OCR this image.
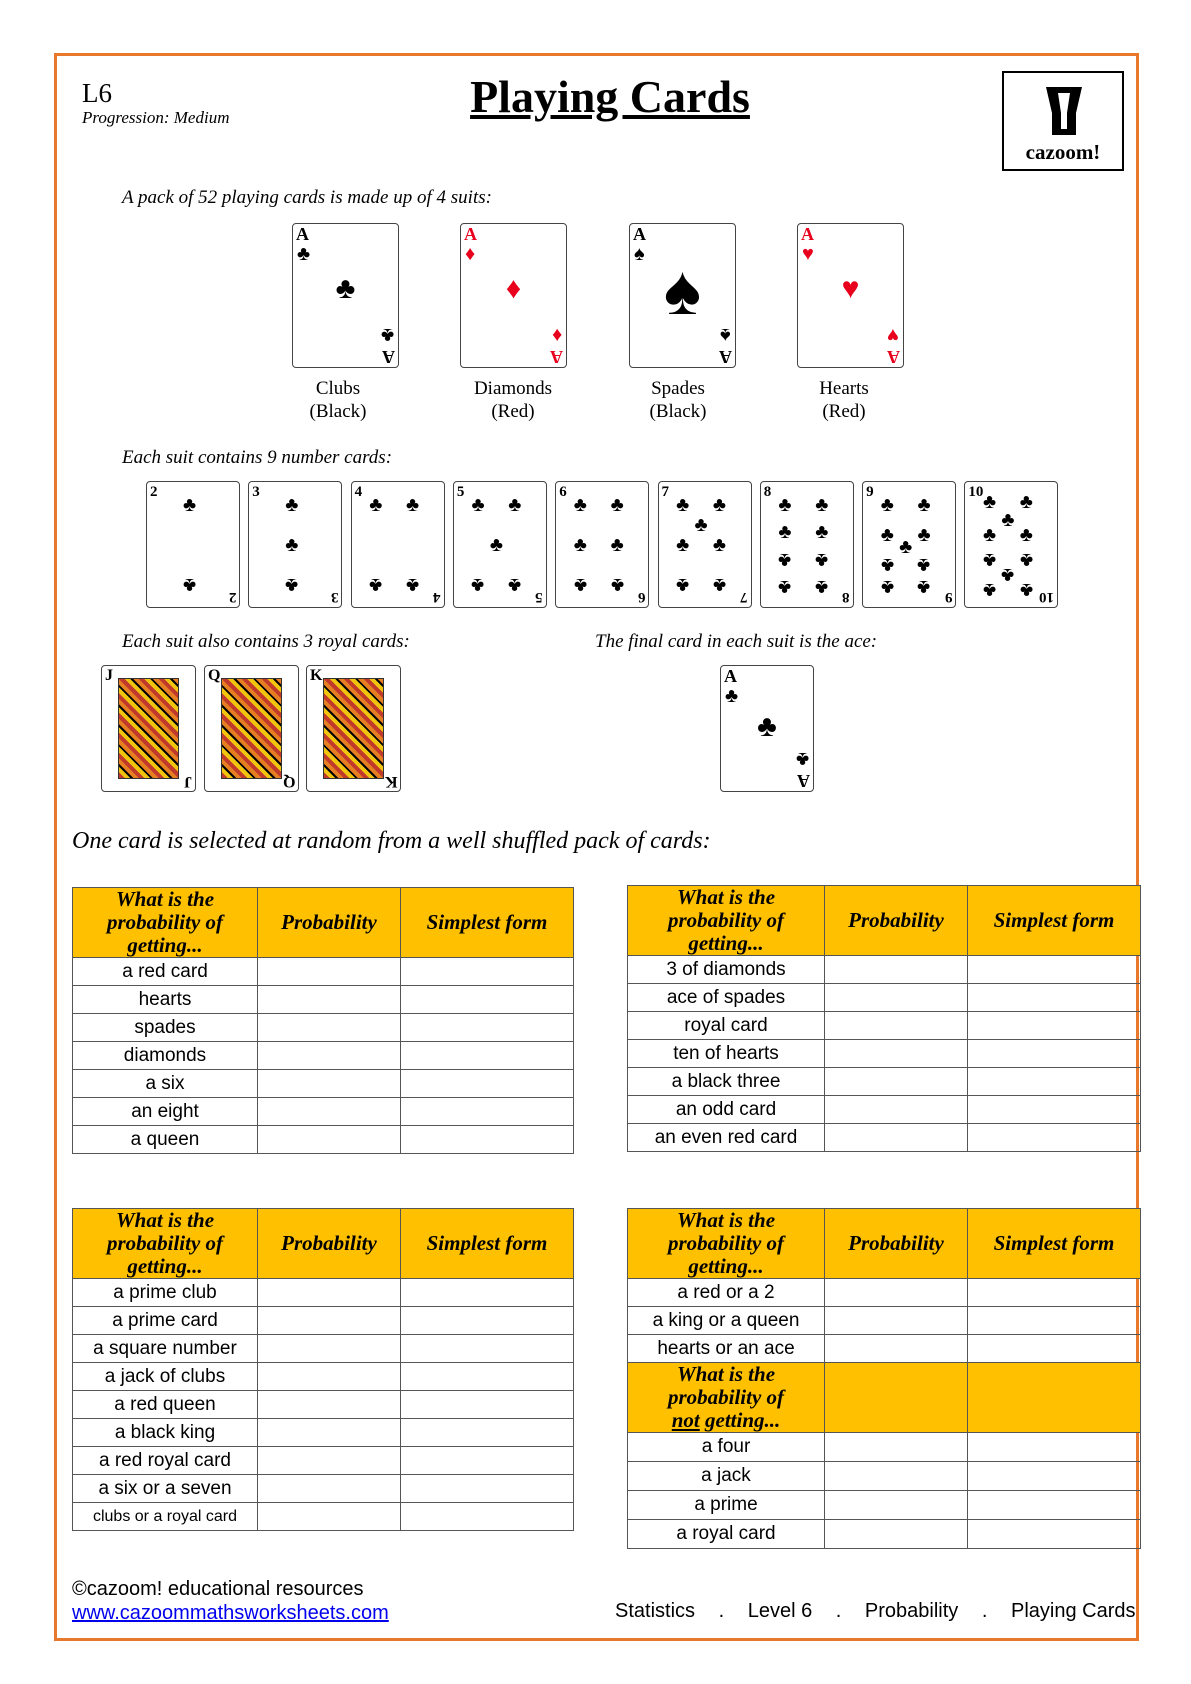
L6
Progression: Medium	Playing Cards
cazoom!
A pack of 52 playing cards is made up of 4 suits:
A
♣
♣
♣
A
A
♦
♦
♦
A
A
♠ ♠
♠
A
A
♥
♥
♥
A
Clubs
(Black)
Diamonds
(Red)
Spades
(Black)
Hearts
(Red)
Each suit contains 9 number cards:
2
2
♣
♣
3
3
♣
♣
♣
4
4
♣ ♣
♣ ♣
5
5
♣ ♣
♣
♣ ♣
6
6
♣ ♣
♣ ♣
♣ ♣
7
7
♣ ♣
♣
♣ ♣
♣ ♣
8
8
♣ ♣
♣ ♣
♣ ♣
♣ ♣
9
9
♣ ♣
♣ ♣
♣
♣ ♣
♣ ♣
10
10
♣ ♣
♣
♣ ♣
♣ ♣
♣
♣ ♣
Each suit also contains 3 royal cards:	The final card in each suit is the ace:
J
J
Q
Q
K
K
A
♣
♣
♣
A
One card is selected at random from a well shuffled pack of cards:
What is the probability of getting...	Probability	Simplest form
a red card		
hearts		
spades		
diamonds		
a six		
an eight		
a queen		
What is the probability of getting...	Probability	Simplest form
3 of diamonds		
ace of spades		
royal card		
ten of hearts		
a black three		
an odd card		
an even red card		
What is the probability of getting...	Probability	Simplest form
a prime club		
a prime card		
a square number		
a jack of clubs		
a red queen		
a black king		
a red royal card		
a six or a seven		
clubs or a royal card		
What is the probability of getting...	Probability	Simplest form
a red or a 2		
a king or a queen		
hearts or an ace		
What is the probability of
not getting...		
a four		
a jack		
a prime		
a royal card		
©cazoom! educational resources
www.cazoommathsworksheets.com	Statistics . Level 6 . Probability . Playing Cards
